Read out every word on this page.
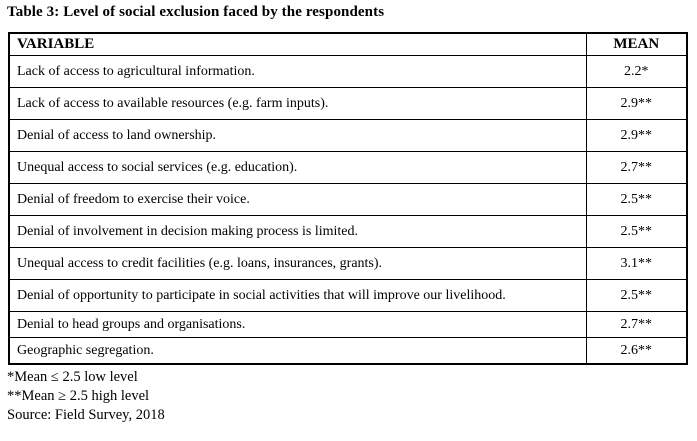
Table 3: Level of social exclusion faced by the respondents
VARIABLE	MEAN
Lack of access to agricultural information.	2.2*
Lack of access to available resources (e.g. farm inputs).	2.9**
Denial of access to land ownership.	2.9**
Unequal access to social services (e.g. education).	2.7**
Denial of freedom to exercise their voice.	2.5**
Denial of involvement in decision making process is limited.	2.5**
Unequal access to credit facilities (e.g. loans, insurances, grants).	3.1**
Denial of opportunity to participate in social activities that will improve our livelihood.	2.5**
Denial to head groups and organisations.	2.7**
Geographic segregation.	2.6**
*Mean ≤ 2.5 low level
**Mean ≥ 2.5 high level
Source: Field Survey, 2018
